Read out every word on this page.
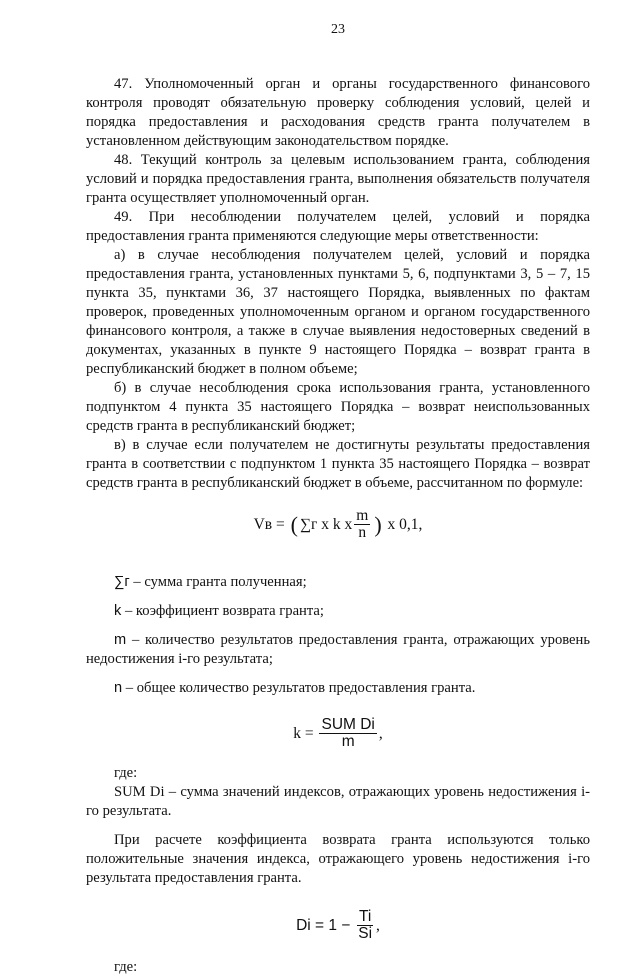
23

47. Уполномоченный орган и органы государственного финансового контроля проводят обязательную проверку соблюдения условий, целей и порядка предоставления и расходования средств гранта получателем в установленном действующим законодательством порядке.

48. Текущий контроль за целевым использованием гранта, соблюдения условий и порядка предоставления гранта, выполнения обязательств получателя гранта осуществляет уполномоченный орган.

49. При несоблюдении получателем целей, условий и порядка предоставления гранта применяются следующие меры ответственности:

а) в случае несоблюдения получателем целей, условий и порядка предоставления гранта, установленных пунктами 5, 6, подпунктами 3, 5 – 7, 15 пункта 35, пунктами 36, 37 настоящего Порядка, выявленных по фактам проверок, проведенных уполномоченным органом и органом государственного финансового контроля, а также в случае выявления недостоверных сведений в документах, указанных в пункте 9 настоящего Порядка – возврат гранта в республиканский бюджет в полном объеме;

б) в случае несоблюдения срока использования гранта, установленного подпунктом 4 пункта 35 настоящего Порядка – возврат неиспользованных средств гранта в республиканский бюджет;

в) в случае если получателем не достигнуты результаты предоставления гранта в соответствии с подпунктом 1 пункта 35 настоящего Порядка – возврат средств гранта в республиканский бюджет в объеме, рассчитанном по формуле:

Vв
=
( ∑г
x
k
x $\frac{m}{n}$ )
x 0,1,

∑г – сумма гранта полученная;

k – коэффициент возврата гранта;

m – количество результатов предоставления гранта, отражающих уровень недостижения i-го результата;

n – общее количество результатов предоставления гранта.

k =
$\frac{\text{SUM Di}}{m}$ ,

где:

SUM Di – сумма значений индексов, отражающих уровень недостижения i-го результата.

При расчете коэффициента возврата гранта используются только положительные значения индекса, отражающего уровень недостижения i-го результата предоставления гранта.

Di = 1 −
$\frac{Ti}{Si}$ ,

где:
